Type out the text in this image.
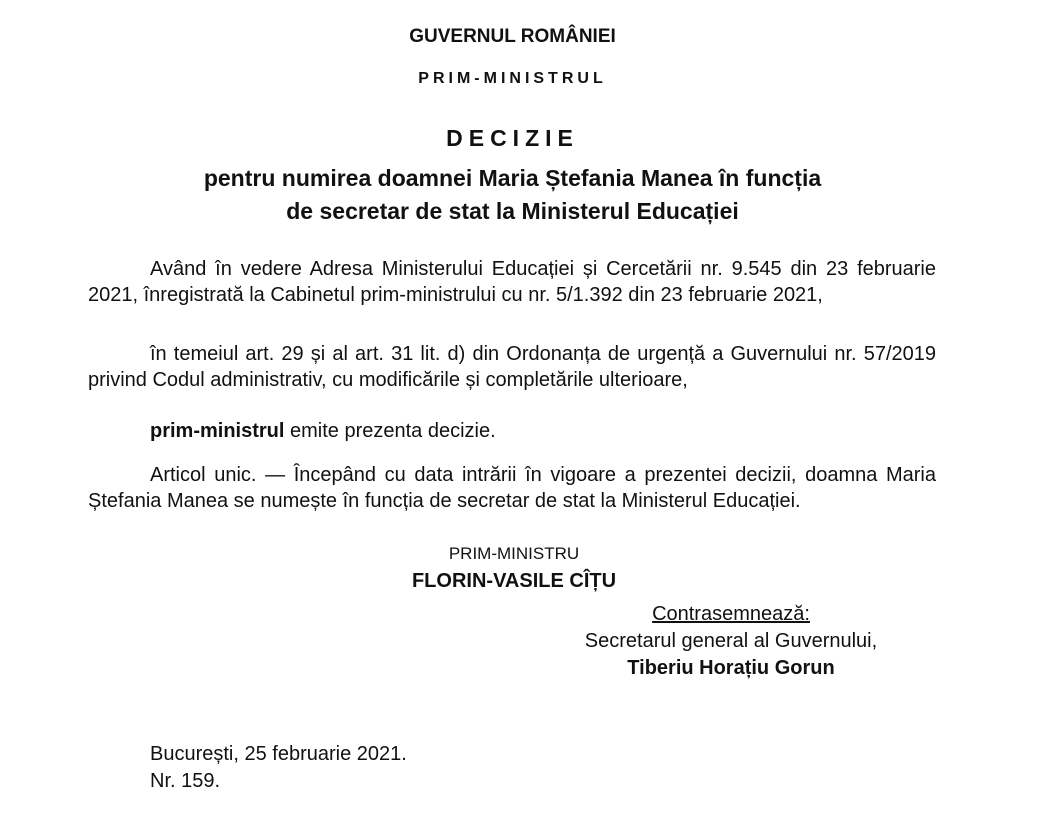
GUVERNUL ROMÂNIEI
PRIM-MINISTRUL
DECIZIE
pentru numirea doamnei Maria Ștefania Manea în funcția
de secretar de stat la Ministerul Educației
Având în vedere Adresa Ministerului Educației și Cercetării nr. 9.545 din 23 februarie 2021, înregistrată la Cabinetul prim-ministrului cu nr. 5/1.392 din 23 februarie 2021,
în temeiul art. 29 și al art. 31 lit. d) din Ordonanța de urgență a Guvernului nr. 57/2019 privind Codul administrativ, cu modificările și completările ulterioare,
prim-ministrul emite prezenta decizie.
Articol unic. — Începând cu data intrării în vigoare a prezentei decizii, doamna Maria Ștefania Manea se numește în funcția de secretar de stat la Ministerul Educației.
PRIM-MINISTRU
FLORIN-VASILE CÎȚU
Contrasemnează:
Secretarul general al Guvernului,
Tiberiu Horațiu Gorun
București, 25 februarie 2021.
Nr. 159.
